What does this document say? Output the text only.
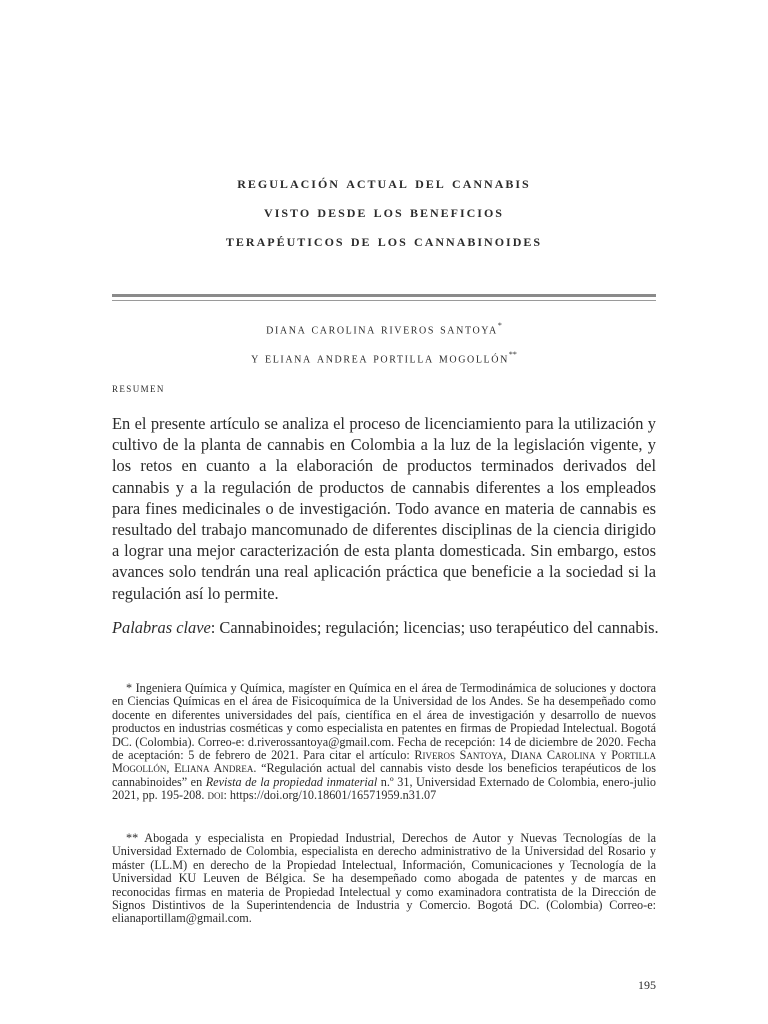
regulación actual del cannabis
visto desde los beneficios
terapéuticos de los cannabinoides
diana carolina riveros santoya*
y eliana andrea portilla mogollón**
resumen

En el presente artículo se analiza el proceso de licenciamiento para la utilización y cultivo de la planta de cannabis en Colombia a la luz de la legislación vigente, y los retos en cuanto a la elaboración de productos terminados derivados del cannabis y a la regulación de productos de cannabis diferentes a los empleados para fines medicinales o de investigación. Todo avance en materia de cannabis es resultado del trabajo mancomunado de diferentes disciplinas de la ciencia dirigido a lograr una mejor caracterización de esta planta domesticada. Sin embargo, estos avances solo tendrán una real aplicación práctica que beneficie a la sociedad si la regulación así lo permite.

Palabras clave: Cannabinoides; regulación; licencias; uso terapéutico del cannabis.

* Ingeniera Química y Química, magíster en Química en el área de Termodinámica de soluciones y doctora en Ciencias Químicas en el área de Fisicoquímica de la Universidad de los Andes. Se ha desempeñado como docente en diferentes universidades del país, científica en el área de investigación y desarrollo de nuevos productos en industrias cosméticas y como especialista en patentes en firmas de Propiedad Intelectual. Bogotá DC. (Colombia). Correo-e: d.riverossantoya@gmail.com. Fecha de recepción: 14 de diciembre de 2020. Fecha de aceptación: 5 de febrero de 2021. Para citar el artículo: Riveros Santoya, Diana Carolina y Portilla Mogollón, Eliana Andrea. “Regulación actual del cannabis visto desde los beneficios terapéuticos de los cannabinoides” en Revista de la propiedad inmaterial n.º 31, Universidad Externado de Colombia, enero-julio 2021, pp. 195-208. doi: https://doi.org/10.18601/16571959.n31.07

** Abogada y especialista en Propiedad Industrial, Derechos de Autor y Nuevas Tecnologías de la Universidad Externado de Colombia, especialista en derecho administrativo de la Universidad del Rosario y máster (LL.M) en derecho de la Propiedad Intelectual, Información, Comunicaciones y Tecnología de la Universidad KU Leuven de Bélgica. Se ha desempeñado como abogada de patentes y de marcas en reconocidas firmas en materia de Propiedad Intelectual y como examinadora contratista de la Dirección de Signos Distintivos de la Superintendencia de Industria y Comercio. Bogotá DC. (Colombia) Correo-e: elianaportillam@gmail.com.

195
